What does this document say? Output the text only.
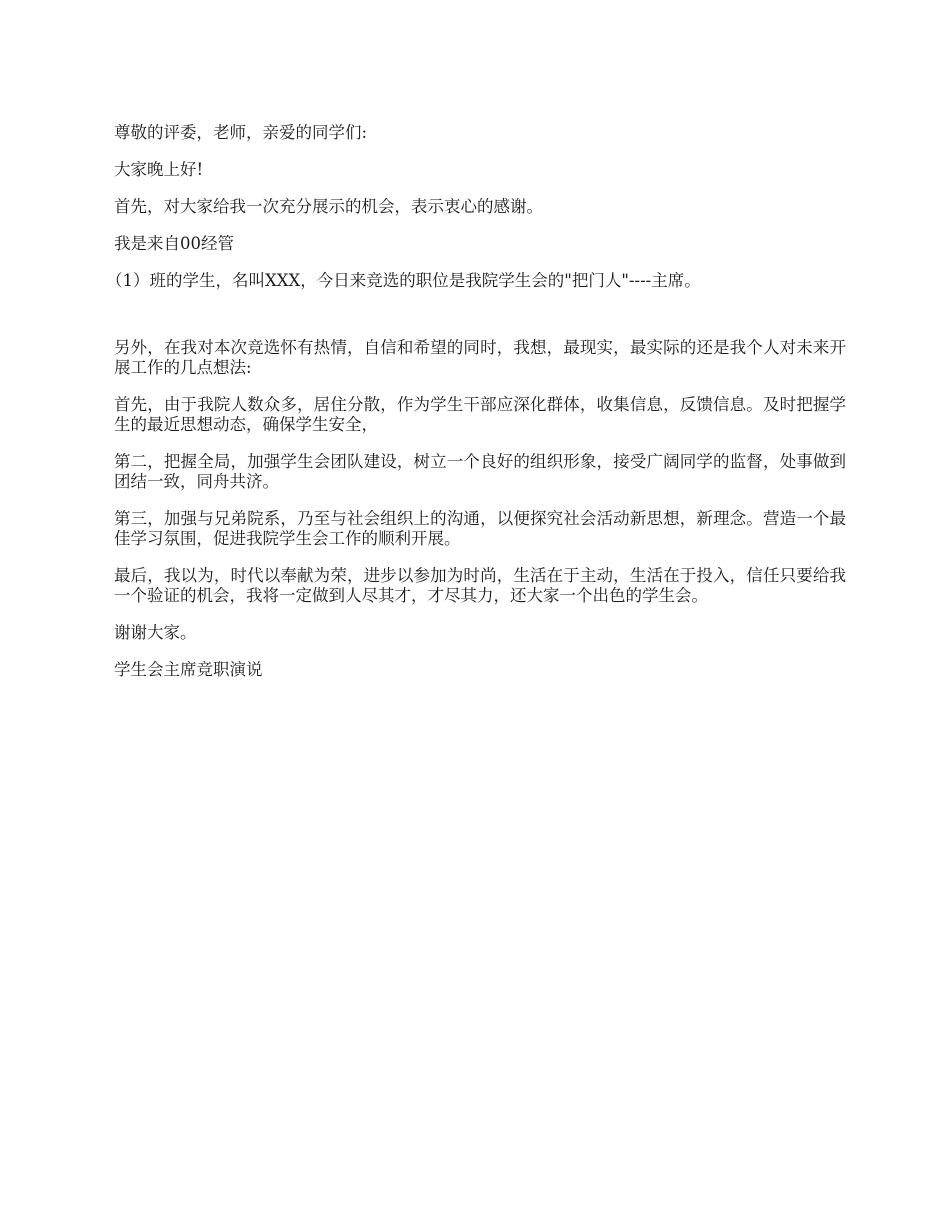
尊敬的评委，老师，亲爱的同学们:

大家晚上好!

首先，对大家给我一次充分展示的机会，表示衷心的感谢。

我是来自00经管

（1）班的学生，名叫XXX，今日来竞选的职位是我院学生会的"把门人"----主席。

另外，在我对本次竞选怀有热情，自信和希望的同时，我想，最现实，最实际的还是我个人对未来开展工作的几点想法:

首先，由于我院人数众多，居住分散，作为学生干部应深化群体，收集信息，反馈信息。及时把握学生的最近思想动态，确保学生安全，

第二，把握全局，加强学生会团队建设，树立一个良好的组织形象，接受广阔同学的监督，处事做到团结一致，同舟共济。

第三，加强与兄弟院系，乃至与社会组织上的沟通，以便探究社会活动新思想，新理念。营造一个最佳学习氛围，促进我院学生会工作的顺利开展。

最后，我以为，时代以奉献为荣，进步以参加为时尚，生活在于主动，生活在于投入，信任只要给我一个验证的机会，我将一定做到人尽其才，才尽其力，还大家一个出色的学生会。

谢谢大家。

学生会主席竞职演说
